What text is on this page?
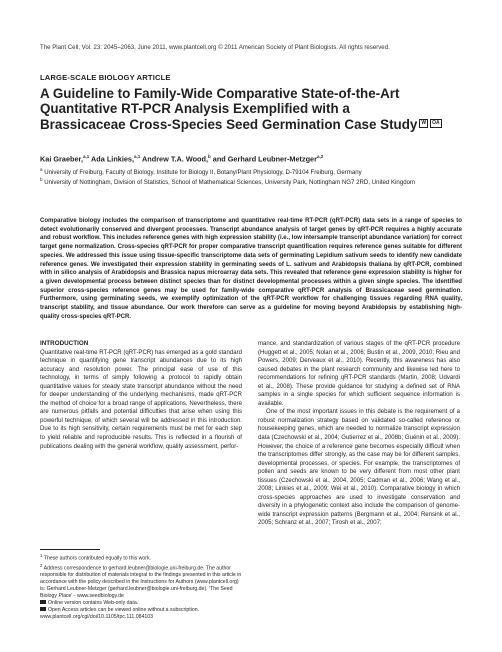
The Plant Cell, Vol. 23: 2045–2063, June 2011, www.plantcell.org © 2011 American Society of Plant Biologists. All rights reserved.
LARGE-SCALE BIOLOGY ARTICLE
A Guideline to Family-Wide Comparative State-of-the-Art
Quantitative RT-PCR Analysis Exemplified with a
Brassicaceae Cross-Species Seed Germination Case Study W OA
Kai Graeber,$^{a,1}$ Ada Linkies,$^{a,1}$ Andrew T.A. Wood,$^b$ and Gerhard Leubner-Metzger$^{a,2}$
$^a$ University of Freiburg, Faculty of Biology, Institute for Biology II, Botany/Plant Physiology, D-79104 Freiburg, Germany
$^b$ University of Nottingham, Division of Statistics, School of Mathematical Sciences, University Park, Nottingham NG7 2RD, United Kingdom

Comparative biology includes the comparison of transcriptome and quantitative real-time RT-PCR (qRT-PCR) data sets in a range of species to detect evolutionarily conserved and divergent processes. Transcript abundance analysis of target genes by qRT-PCR requires a highly accurate and robust workflow. This includes reference genes with high expression stability (i.e., low intersample transcript abundance variation) for correct target gene normalization. Cross-species qRT-PCR for proper comparative transcript quantification requires reference genes suitable for different species. We addressed this issue using tissue-specific transcriptome data sets of germinating Lepidium sativum seeds to identify new candidate reference genes. We investigated their expression stability in germinating seeds of L. sativum and Arabidopsis thaliana by qRT-PCR, combined with in silico analysis of Arabidopsis and Brassica napus microarray data sets. This revealed that reference gene expression stability is higher for a given developmental process between distinct species than for distinct developmental processes within a given single species. The identified superior cross-species reference genes may be used for family-wide comparative qRT-PCR analysis of Brassicaceae seed germination. Furthermore, using germinating seeds, we exemplify optimization of the qRT-PCR workflow for challenging tissues regarding RNA quality, transcript stability, and tissue abundance. Our work therefore can serve as a guideline for moving beyond Arabidopsis by establishing high-quality cross-species qRT-PCR.

INTRODUCTION

Quantitative real-time RT-PCR (qRT-PCR) has emerged as a gold standard technique in quantifying gene transcript abundances due to its high accuracy and resolution power. The principal ease of use of this technology, in terms of simply following a protocol to rapidly obtain quantitative values for steady state transcript abundance without the need for deeper understanding of the underlying mechanisms, made qRT-PCR the method of choice for a broad range of applications. Nevertheless, there are numerous pitfalls and potential difficulties that arise when using this powerful technique, of which several will be addressed in this introduction. Due to its high sensitivity, certain requirements must be met for each step to yield reliable and reproducible results. This is reflected in a flourish of publications dealing with the general workflow, quality assessment, perfor-

$^1$ These authors contributed equally to this work.

$^2$ Address correspondence to gerhard.leubner@biologie.uni-freiburg.de. The author responsible for distribution of materials integral to the findings presented in this article in accordance with the policy described in the Instructions for Authors (www.plantcell.org) is: Gerhard Leubner-Metzger (gerhard.leubner@biologie.uni-freiburg.de). 'The Seed Biology Place' - www.seedbiology.de

Online version contains Web-only data.

Open Access articles can be viewed online without a subscription.

www.plantcell.org/cgi/doi/10.1105/tpc.111.084103

mance, and standardization of various stages of the qRT-PCR procedure (Huggett et al., 2005; Nolan et al., 2006; Bustin et al., 2009, 2010; Rieu and Powers, 2009; Derveaux et al., 2010). Recently, this awareness has also caused debates in the plant research community and likewise led here to recommendations for refining qRT-PCR standards (Martin, 2008; Udvardi et al., 2008). These provide guidance for studying a defined set of RNA samples in a single species for which sufficient sequence information is available.

One of the most important issues in this debate is the requirement of a robust normalization strategy based on validated so-called reference or housekeeping genes, which are needed to normalize transcript expression data (Czechowski et al., 2004; Gutierrez et al., 2008b; Guénin et al., 2009). However, the choice of a reference gene becomes especially difficult when the transcriptomes differ strongly, as the case may be for different samples, developmental processes, or species. For example, the transcriptomes of pollen and seeds are known to be very different from most other plant tissues (Czechowski et al., 2004, 2005; Cadman et al., 2006; Wang et al., 2008; Linkies et al., 2009; Wei et al., 2010). Comparative biology in which cross-species approaches are used to investigate conservation and diversity in a phylogenetic context also include the comparison of genome-wide transcript expression patterns (Bergmann et al., 2004; Rensink et al., 2005; Schranz et al., 2007; Tirosh et al., 2007;
